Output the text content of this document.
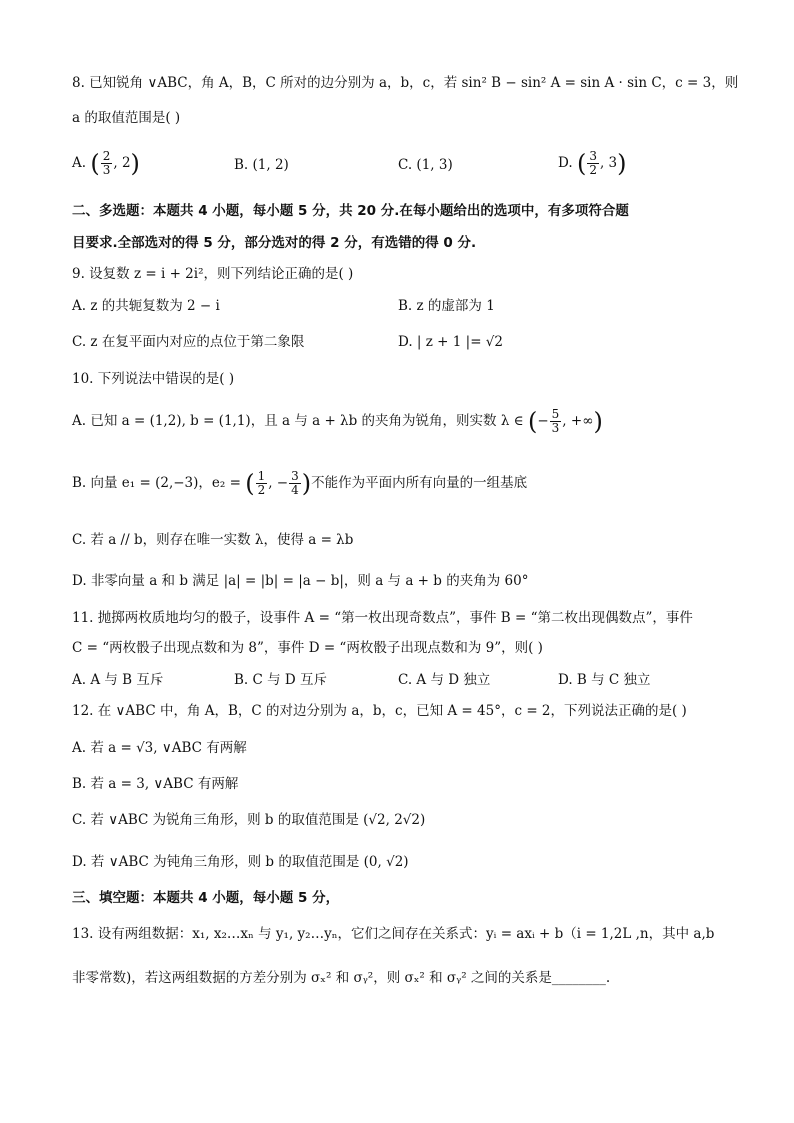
8. 已知锐角 ∨ABC，角 A，B，C 所对的边分别为 a，b，c，若 sin² B − sin² A = sin A · sin C，c = 3，则
a 的取值范围是( )
A. ( $\frac{2}{3}$ , 2)	B. (1, 2)	C. (1, 3)	D. ( $\frac{3}{2}$ , 3)
二、多选题：本题共 4 小题，每小题 5 分，共 20 分.在每小题给出的选项中，有多项符合题
目要求.全部选对的得 5 分，部分选对的得 2 分，有选错的得 0 分.
9. 设复数 z = i + 2i²，则下列结论正确的是( )
A. z 的共轭复数为 2 − i	B. z 的虚部为 1
C. z 在复平面内对应的点位于第二象限	D. | z + 1 |= √2
10. 下列说法中错误的是( )
A. 已知 a = (1,2), b = (1,1)，且 a 与 a + λb 的夹角为锐角，则实数 λ ∈ (− $\frac{5}{3}$ , +∞)
B. 向量 e₁ = (2,−3)，e₂ = ( $\frac{1}{2}$ , − $\frac{3}{4}$ )不能作为平面内所有向量的一组基底
C. 若 a // b，则存在唯一实数 λ，使得 a = λb
D. 非零向量 a 和 b 满足 |a| = |b| = |a − b|，则 a 与 a + b 的夹角为 60°
11. 抛掷两枚质地均匀的骰子，设事件 A = “第一枚出现奇数点”，事件 B = “第二枚出现偶数点”，事件
C = “两枚骰子出现点数和为 8”，事件 D = “两枚骰子出现点数和为 9”，则( )
A. A 与 B 互斥	B. C 与 D 互斥	C. A 与 D 独立	D. B 与 C 独立
12. 在 ∨ABC 中，角 A，B，C 的对边分别为 a，b，c，已知 A = 45°，c = 2，下列说法正确的是( )
A. 若 a = √3, ∨ABC 有两解
B. 若 a = 3, ∨ABC 有两解
C. 若 ∨ABC 为锐角三角形，则 b 的取值范围是 (√2, 2√2)
D. 若 ∨ABC 为钝角三角形，则 b 的取值范围是 (0, √2)
三、填空题：本题共 4 小题，每小题 5 分，
13. 设有两组数据：x₁, x₂…xₙ 与 y₁, y₂…yₙ，它们之间存在关系式：yᵢ = axᵢ + b（i = 1,2L ,n，其中 a,b
非零常数)，若这两组数据的方差分别为 σₓ² 和 σᵧ²，则 σₓ² 和 σᵧ² 之间的关系是________.
